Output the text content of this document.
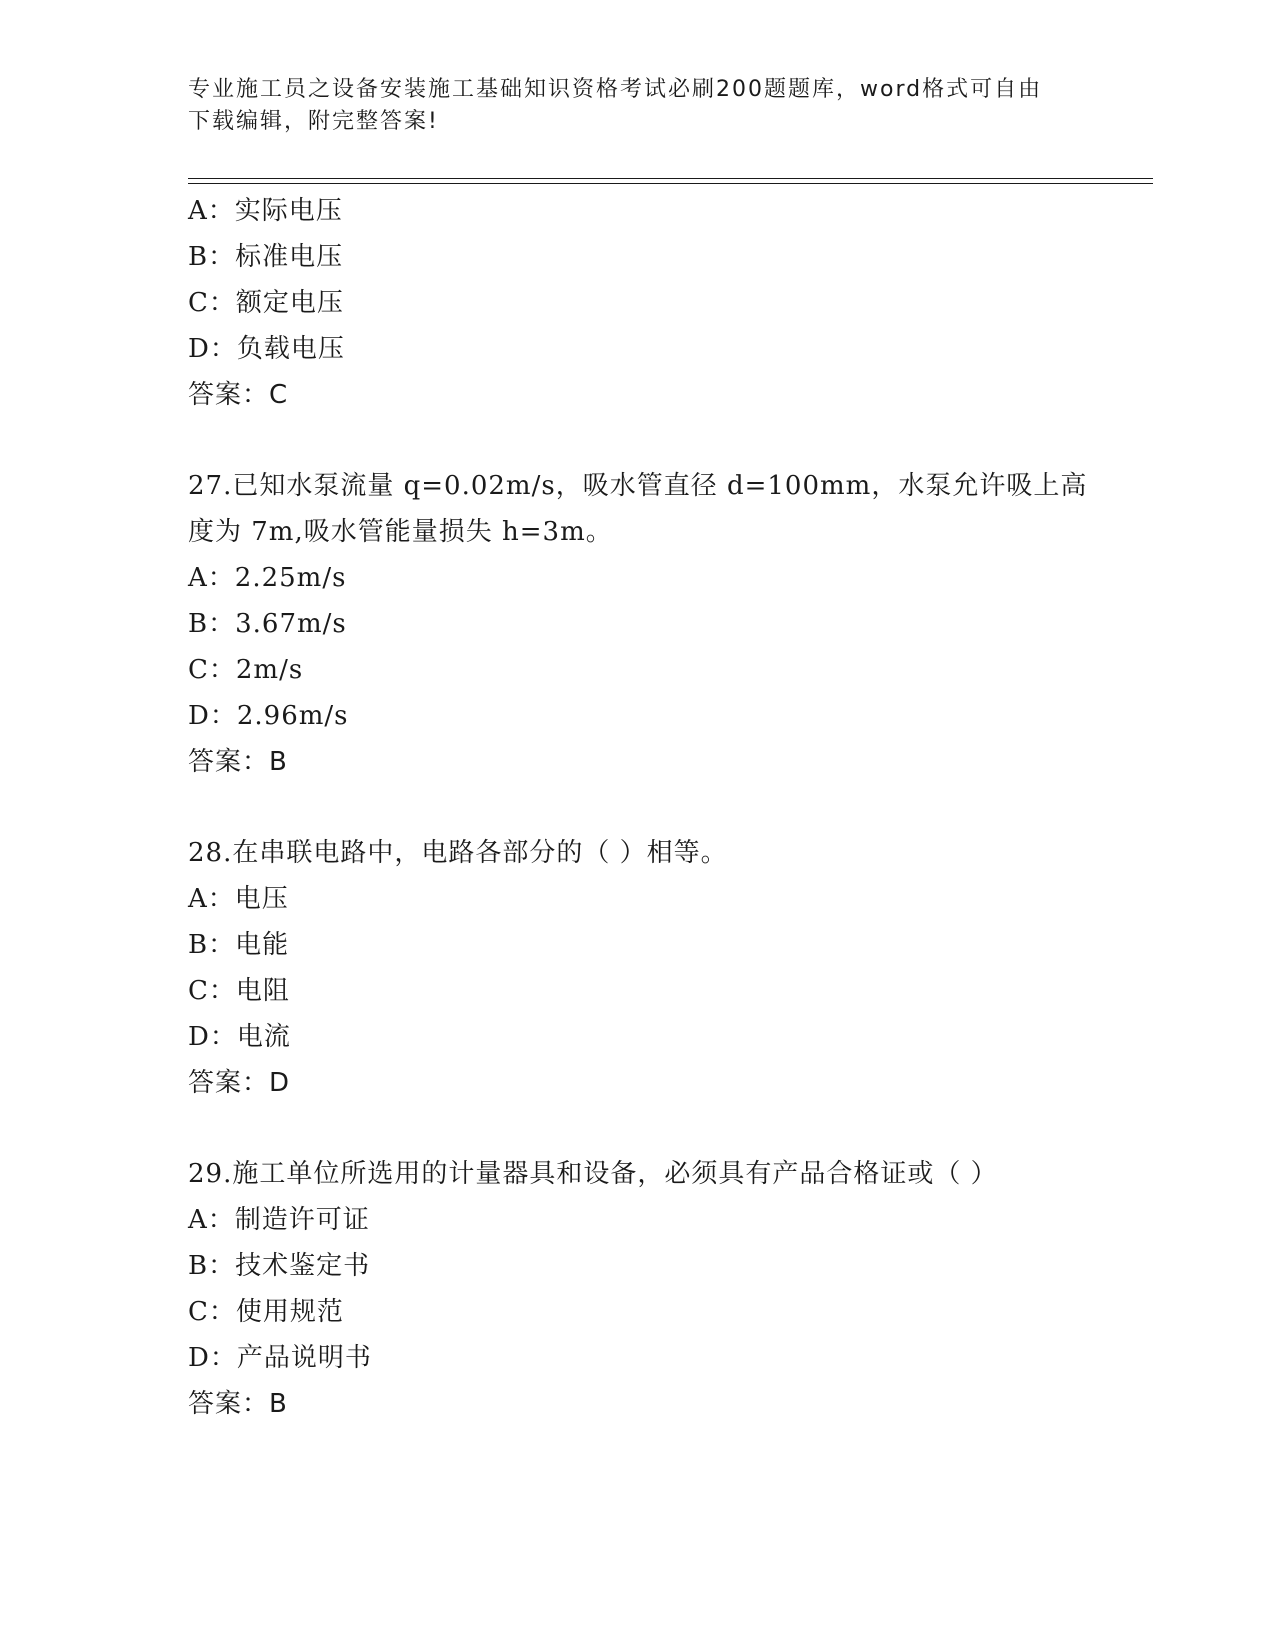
专业施工员之设备安装施工基础知识资格考试必刷200题题库，word格式可自由
下载编辑，附完整答案!
A：实际电压
B：标准电压
C：额定电压
D：负载电压
答案：C
27.已知水泵流量 q=0.02m/s，吸水管直径 d=100mm，水泵允许吸上高
度为 7m,吸水管能量损失 h=3m。
A：2.25m/s
B：3.67m/s
C：2m/s
D：2.96m/s
答案：B
28.在串联电路中，电路各部分的（ ）相等。
A：电压
B：电能
C：电阻
D：电流
答案：D
29.施工单位所选用的计量器具和设备，必须具有产品合格证或（ ）
A：制造许可证
B：技术鉴定书
C：使用规范
D：产品说明书
答案：B
